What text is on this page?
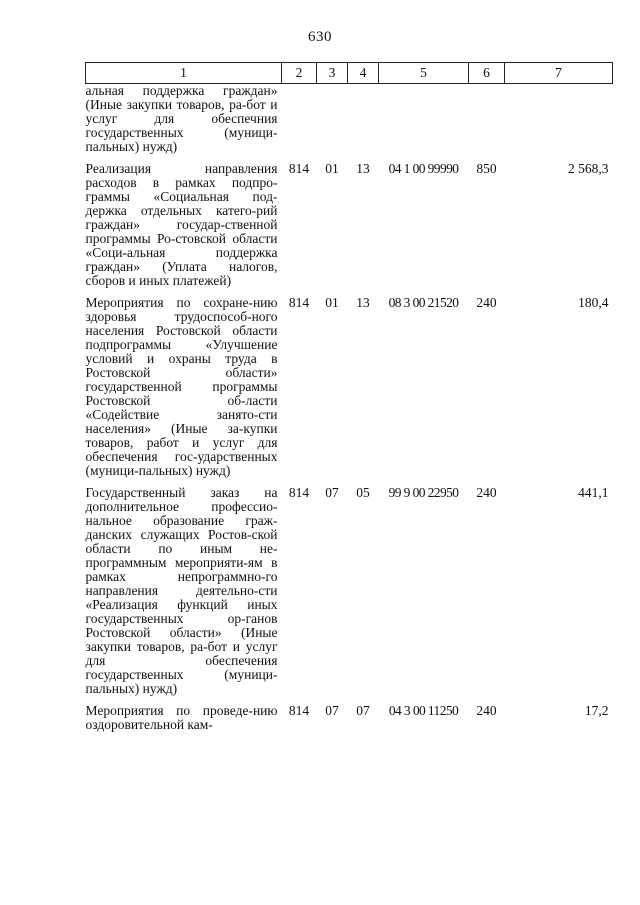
630
1	2	3	4	5	6	7
альная поддержка граждан» (Иные закупки товаров, ра-бот и услуг для обеспечния государственных (муници-пальных) нужд)						
Реализация направления расходов в рамках подпро-граммы «Социальная под-держка отдельных катего-рий граждан» государ-ственной программы Ро-стовской области «Соци-альная поддержка граждан» (Уплата налогов, сборов и иных платежей)	814	01	13	04 1 00 99990	850	2 568,3
Мероприятия по сохране-нию здоровья трудоспособ-ного населения Ростовской области подпрограммы «Улучшение условий и охраны труда в Ростовской области» государственной программы Ростовской об-ласти «Содействие занято-сти населения» (Иные за-купки товаров, работ и услуг для обеспечения гос-ударственных (муници-пальных) нужд)	814	01	13	08 3 00 21520	240	180,4
Государственный заказ на дополнительное профессио-нальное образование граж-данских служащих Ростов-ской области по иным не-программным мероприяти-ям в рамках непрограммно-го направления деятельно-сти «Реализация функций иных государственных ор-ганов Ростовской области» (Иные закупки товаров, ра-бот и услуг для обеспечения государственных (муници-пальных) нужд)	814	07	05	99 9 00 22950	240	441,1
Мероприятия по проведе-нию оздоровительной кам-	814	07	07	04 3 00 11250	240	17,2
